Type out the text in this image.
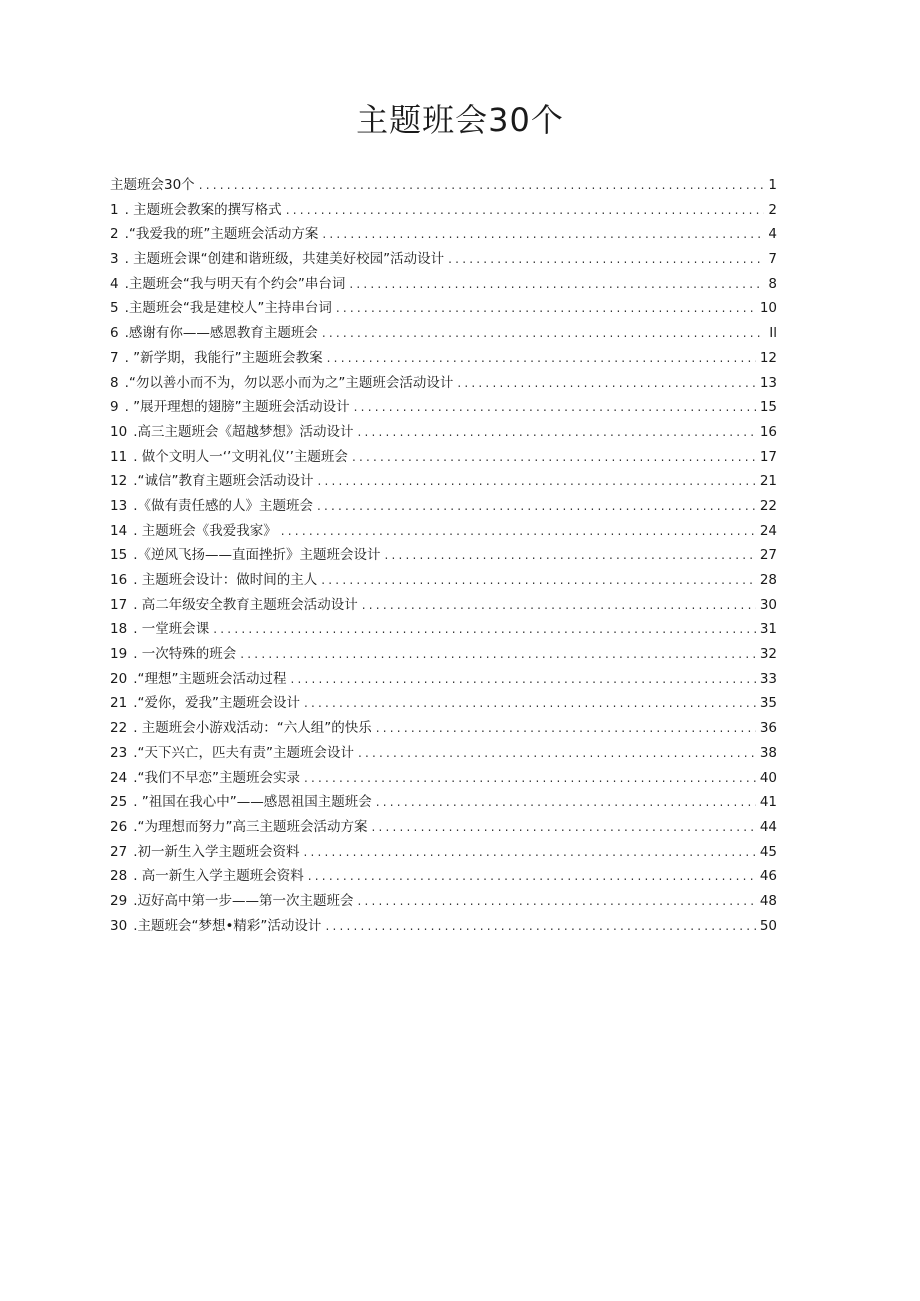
主题班会30个
主题班会30个 .....	1
1 . 主题班会教案的撰写格式 .....	2
2 .“我爱我的班”主题班会活动方案 .....	4
3 . 主题班会课“创建和谐班级，共建美好校园”活动设计 .....	7
4 .主题班会“我与明天有个约会”串台词 .....	8
5 .主题班会“我是建校人”主持串台词 .....	10
6 .感谢有你——感恩教育主题班会 .....	Il
7 . ”新学期，我能行”主题班会教案 .....	12
8 .“勿以善小而不为，勿以恶小而为之”主题班会活动设计 .....	13
9 . ”展开理想的翅膀”主题班会活动设计 .....	15
10 .高三主题班会《超越梦想》活动设计 .....	16
11 . 做个文明人一‘’文明礼仪’’主题班会 .....	17
12 .“诚信”教育主题班会活动设计 .....	21
13 .《做有责任感的人》主题班会 .....	22
14 . 主题班会《我爱我家》 .....	24
15 .《逆风飞扬——直面挫折》主题班会设计 .....	27
16 . 主题班会设计：做时间的主人 .....	28
17 . 高二年级安全教育主题班会活动设计 .....	30
18 . 一堂班会课 .....	31
19 . 一次特殊的班会 .....	32
20 .“理想”主题班会活动过程 .....	33
21 .“爱你，爱我”主题班会设计 .....	35
22 . 主题班会小游戏活动：“六人组”的快乐 .....	36
23 .“天下兴亡，匹夫有责”主题班会设计 .....	38
24 .“我们不早恋”主题班会实录 .....	40
25 . ”祖国在我心中”——感恩祖国主题班会 .....	41
26 .“为理想而努力”高三主题班会活动方案 .....	44
27 .初一新生入学主题班会资料 .....	45
28 . 高一新生入学主题班会资料 .....	46
29 .迈好高中第一步——第一次主题班会 .....	48
30 .主题班会“梦想•精彩”活动设计 .....	50
